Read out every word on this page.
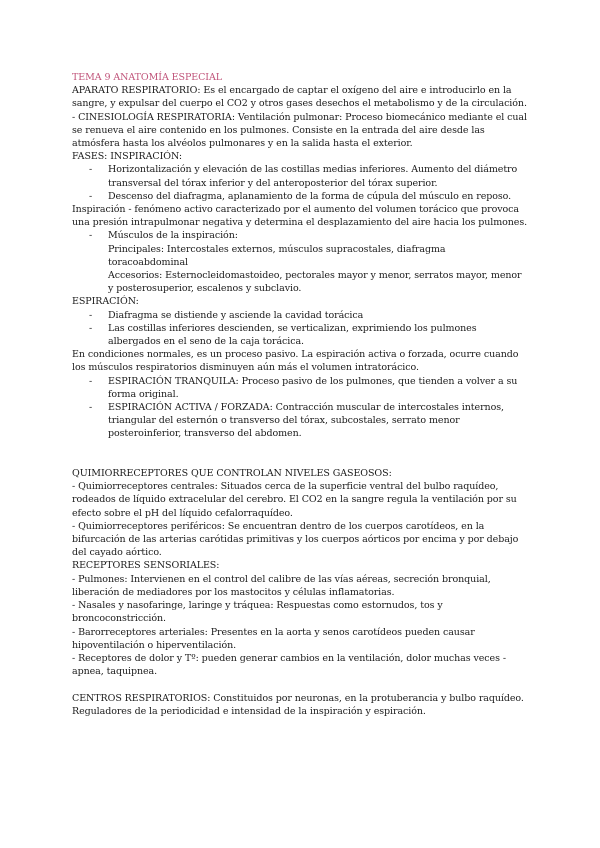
TEMA 9 ANATOMÍA ESPECIAL

APARATO RESPIRATORIO: Es el encargado de captar el oxígeno del aire e introducirlo en la sangre, y expulsar del cuerpo el CO2 y otros gases desechos el metabolismo y de la circulación.

- CINESIOLOGÍA RESPIRATORIA: Ventilación pulmonar: Proceso biomecánico mediante el cual se renueva el aire contenido en los pulmones. Consiste en la entrada del aire desde las atmósfera hasta los alvéolos pulmonares y en la salida hasta el exterior.

FASES: INSPIRACIÓN:

- Horizontalización y elevación de las costillas medias inferiores. Aumento del diámetro transversal del tórax inferior y del anteroposterior del tórax superior.
- Descenso del diafragma, aplanamiento de la forma de cúpula del músculo en reposo.

Inspiración - fenómeno activo caracterizado por el aumento del volumen torácico que provoca una presión intrapulmonar negativa y determina el desplazamiento del aire hacia los pulmones.

- Músculos de la inspiración:

Principales: Intercostales externos, músculos supracostales, diafragma toracoabdominal

Accesorios: Esternocleidomastoideo, pectorales mayor y menor, serratos mayor, menor y posterosuperior, escalenos y subclavio.

ESPIRACIÓN:

- Diafragma se distiende y asciende la cavidad torácica
- Las costillas inferiores descienden, se verticalizan, exprimiendo los pulmones albergados en el seno de la caja torácica.

En condiciones normales, es un proceso pasivo. La espiración activa o forzada, ocurre cuando los músculos respiratorios disminuyen aún más el volumen intratorácico.

- ESPIRACIÓN TRANQUILA: Proceso pasivo de los pulmones, que tienden a volver a su forma original.
- ESPIRACIÓN ACTIVA / FORZADA: Contracción muscular de intercostales internos, triangular del esternón o transverso del tórax, subcostales, serrato menor posteroinferior, transverso del abdomen.

QUIMIORRECEPTORES QUE CONTROLAN NIVELES GASEOSOS:

- Quimiorreceptores centrales: Situados cerca de la superficie ventral del bulbo raquídeo, rodeados de líquido extracelular del cerebro. El CO2 en la sangre regula la ventilación por su efecto sobre el pH del líquido cefalorraquídeo.

- Quimiorreceptores periféricos: Se encuentran dentro de los cuerpos carotídeos, en la bifurcación de las arterias carótidas primitivas y los cuerpos aórticos por encima y por debajo del cayado aórtico.

RECEPTORES SENSORIALES:

- Pulmones: Intervienen en el control del calibre de las vías aéreas, secreción bronquial, liberación de mediadores por los mastocitos y células inflamatorias.

- Nasales y nasofaringe, laringe y tráquea: Respuestas como estornudos, tos y broncoconstricción.

- Barorreceptores arteriales: Presentes en la aorta y senos carotídeos pueden causar hipoventilación o hiperventilación.

- Receptores de dolor y Tº: pueden generar cambios en la ventilación, dolor muchas veces - apnea, taquipnea.

CENTROS RESPIRATORIOS: Constituidos por neuronas, en la protuberancia y bulbo raquídeo. Reguladores de la periodicidad e intensidad de la inspiración y espiración.
